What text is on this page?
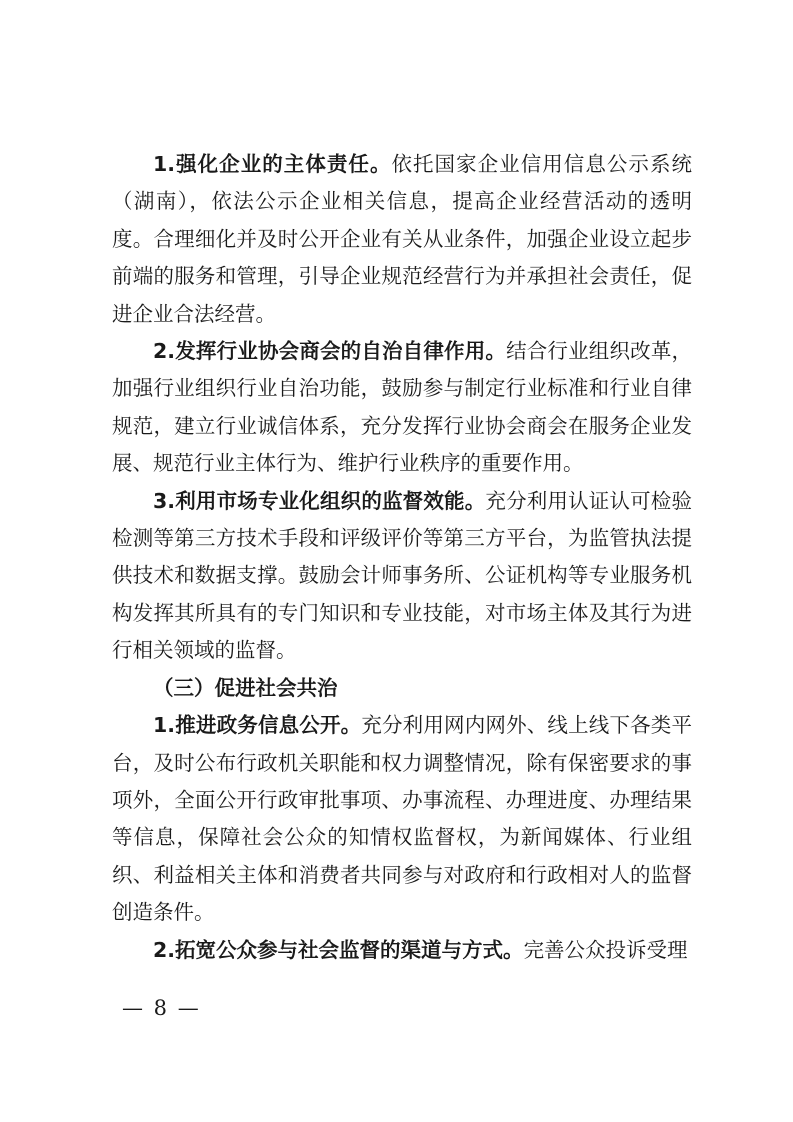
1.强化企业的主体责任。依托国家企业信用信息公示系统（湖南），依法公示企业相关信息，提高企业经营活动的透明度。合理细化并及时公开企业有关从业条件，加强企业设立起步前端的服务和管理，引导企业规范经营行为并承担社会责任，促进企业合法经营。

2.发挥行业协会商会的自治自律作用。结合行业组织改革，加强行业组织行业自治功能，鼓励参与制定行业标准和行业自律规范，建立行业诚信体系，充分发挥行业协会商会在服务企业发展、规范行业主体行为、维护行业秩序的重要作用。

3.利用市场专业化组织的监督效能。充分利用认证认可检验检测等第三方技术手段和评级评价等第三方平台，为监管执法提供技术和数据支撑。鼓励会计师事务所、公证机构等专业服务机构发挥其所具有的专门知识和专业技能，对市场主体及其行为进行相关领域的监督。

（三）促进社会共治

1.推进政务信息公开。充分利用网内网外、线上线下各类平台，及时公布行政机关职能和权力调整情况，除有保密要求的事项外，全面公开行政审批事项、办事流程、办理进度、办理结果等信息，保障社会公众的知情权监督权，为新闻媒体、行业组织、利益相关主体和消费者共同参与对政府和行政相对人的监督创造条件。

2.拓宽公众参与社会监督的渠道与方式。完善公众投诉受理

— 8 —
